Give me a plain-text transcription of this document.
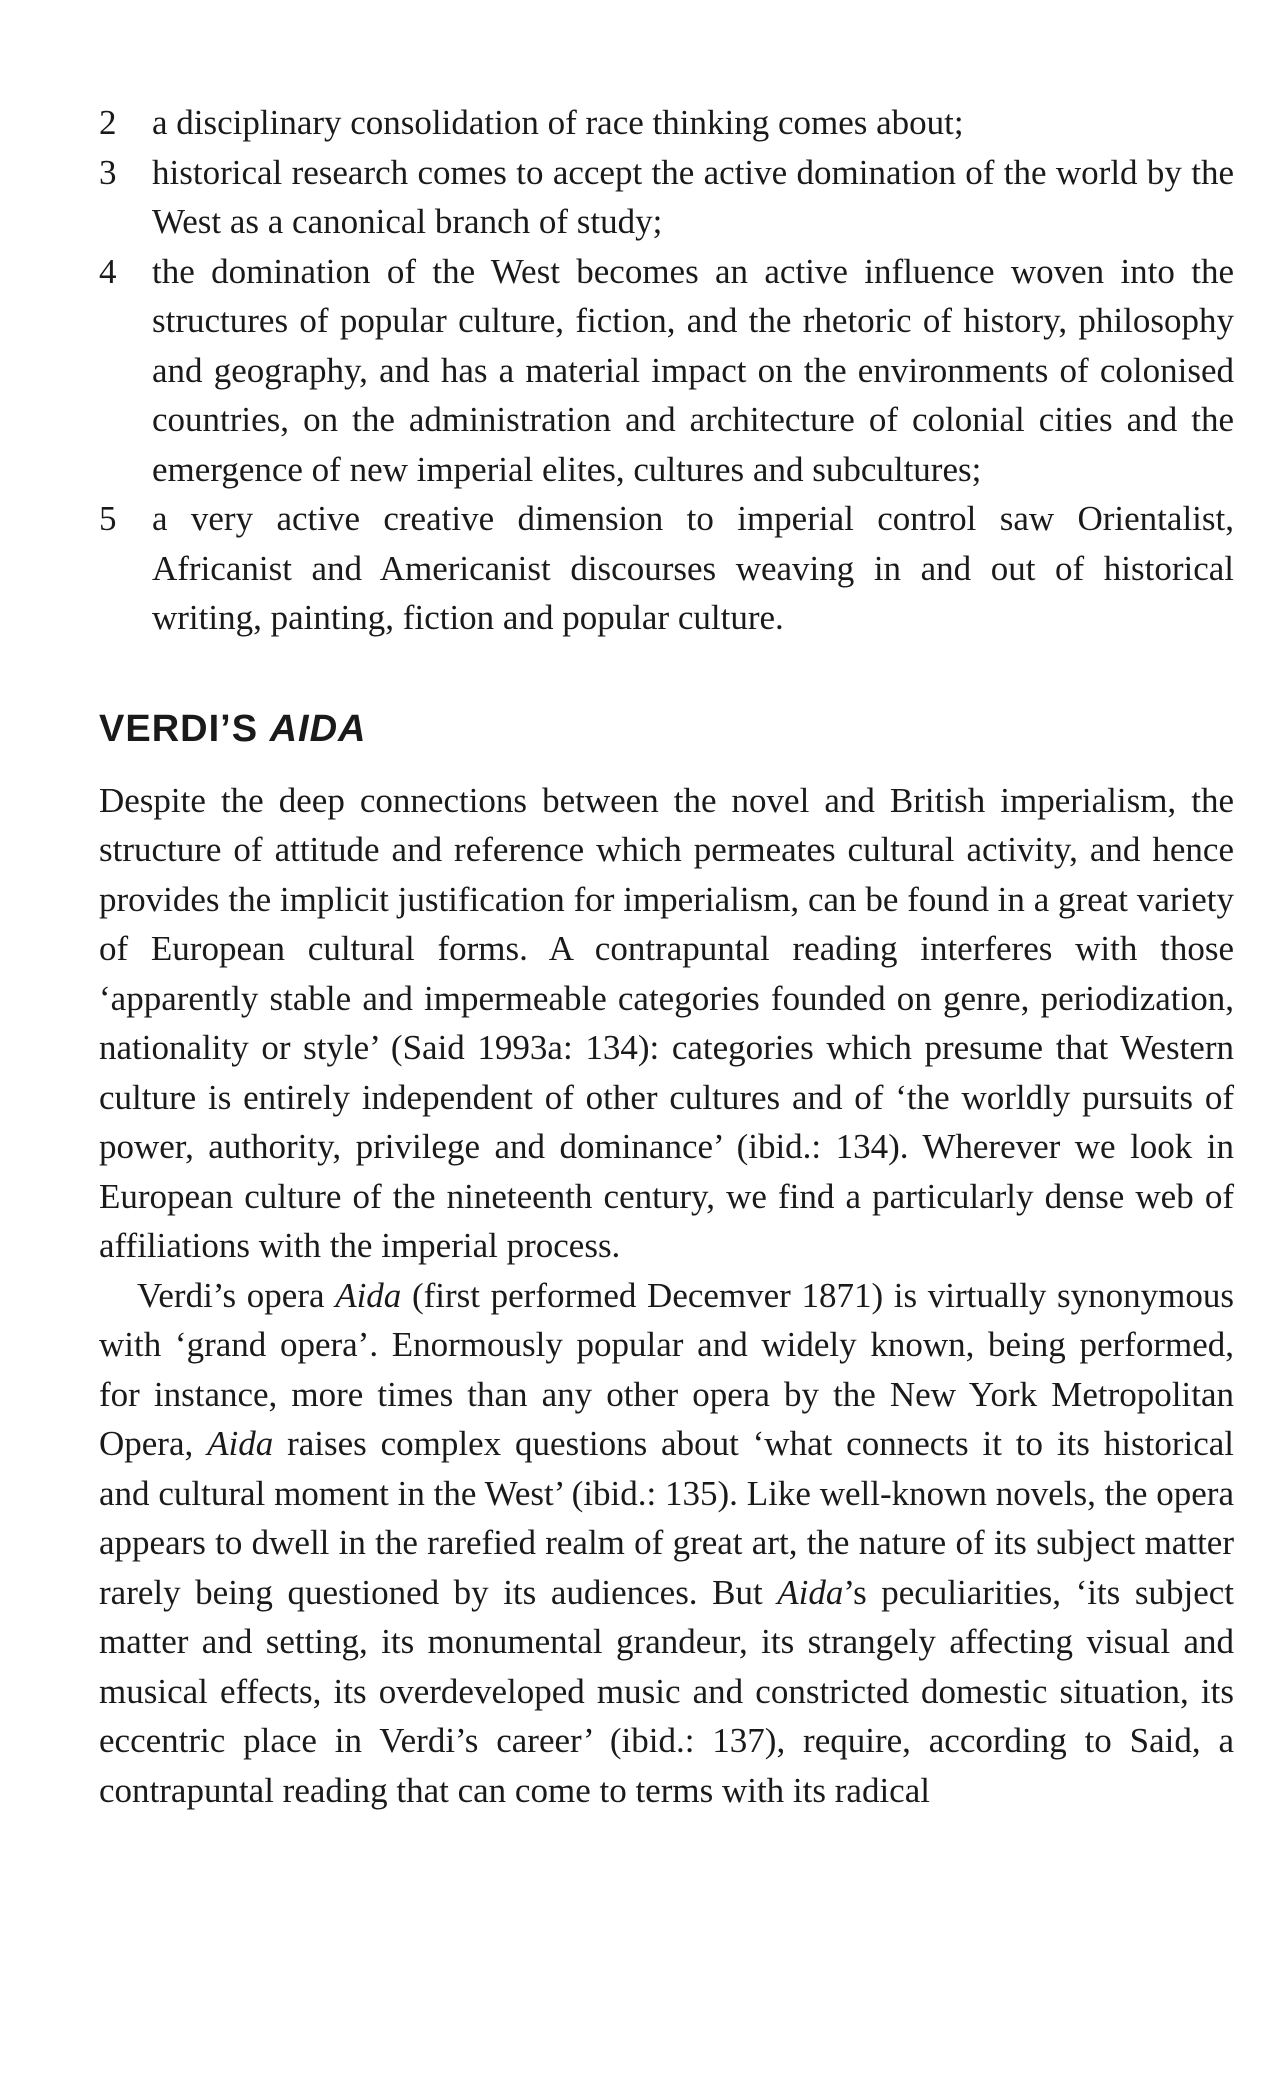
2	a disciplinary consolidation of race thinking comes about;
3	historical research comes to accept the active domination of the world by the West as a canonical branch of study;
4	the domination of the West becomes an active influence woven into the structures of popular culture, fiction, and the rhetoric of history, philosophy and geography, and has a material impact on the environments of colonised countries, on the administration and architecture of colonial cities and the emergence of new imperial elites, cultures and subcultures;
5	a very active creative dimension to imperial control saw Orientalist, Africanist and Americanist discourses weaving in and out of historical writing, painting, fiction and popular culture.
VERDI’S AIDA

Despite the deep connections between the novel and British imperialism, the structure of attitude and reference which permeates cultural activity, and hence provides the implicit justification for imperialism, can be found in a great variety of European cultural forms. A contrapuntal reading interferes with those ‘apparently stable and impermeable categories founded on genre, periodization, nationality or style’ (Said 1993a: 134): categories which presume that Western culture is entirely independent of other cultures and of ‘the worldly pursuits of power, authority, privilege and dominance’ (ibid.: 134). Wherever we look in European culture of the nineteenth century, we find a particularly dense web of affiliations with the imperial process.

Verdi’s opera Aida (first performed Decemver 1871) is virtually synonymous with ‘grand opera’. Enormously popular and widely known, being performed, for instance, more times than any other opera by the New York Metropolitan Opera, Aida raises complex questions about ‘what connects it to its historical and cultural moment in the West’ (ibid.: 135). Like well-known novels, the opera appears to dwell in the rarefied realm of great art, the nature of its subject matter rarely being questioned by its audiences. But Aida’s peculiarities, ‘its subject matter and setting, its monumental grandeur, its strangely affecting visual and musical effects, its overdeveloped music and constricted domestic situation, its eccentric place in Verdi’s career’ (ibid.: 137), require, according to Said, a contrapuntal reading that can come to terms with its radical
